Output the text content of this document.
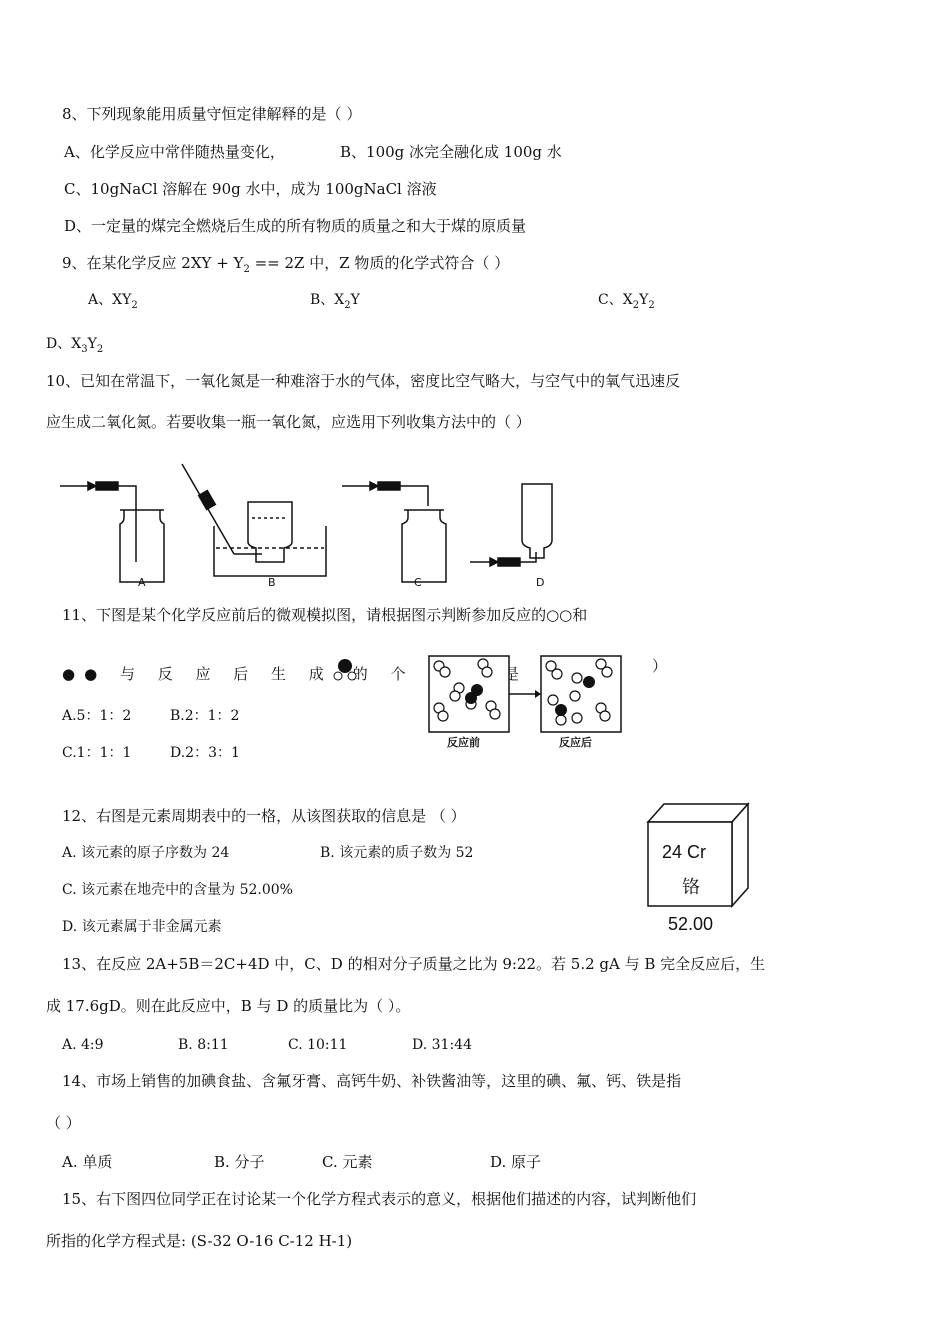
8、下列现象能用质量守恒定律解释的是（ ）
A、化学反应中常伴随热量变化，	B、100g 冰完全融化成 100g 水
C、10gNaCl 溶解在 90g 水中，成为 100gNaCl 溶液
D、一定量的煤完全燃烧后生成的所有物质的质量之和大于煤的原质量
9、在某化学反应 $2XY + Y_2 == 2Z$ 中，Z 物质的化学式符合（ ）
A、$XY_2$	B、$X_2Y$	C、$X_2Y_2$
D、$X_3Y_2$
10、已知在常温下，一氧化氮是一种难溶于水的气体，密度比空气略大，与空气中的氧气迅速反
应生成二氧化氮。若要收集一瓶一氧化氮，应选用下列收集方法中的（ ）
A	B	C	D
11、下图是某个化学反应前后的微观模拟图，请根据图示判断参加反应的○○和
●● 与 反 应 后 生 成 的 个 是	）
A.5：1：2	B.2：1：2
C.1：1：1	D.2：3：1
反应前	反应后
12、右图是元素周期表中的一格，从该图获取的信息是 （ ）
A. 该元素的原子序数为 24	B. 该元素的质子数为 52
C. 该元素在地壳中的含量为 52.00%
D. 该元素属于非金属元素
24 Cr
铬
52.00
13、在反应 2A+5B＝2C+4D 中，C、D 的相对分子质量之比为 9:22。若 5.2 gA 与 B 完全反应后，生
成 17.6gD。则在此反应中，B 与 D 的质量比为（ ）。
A. 4:9	B. 8:11	C. 10:11	D. 31:44
14、市场上销售的加碘食盐、含氟牙膏、高钙牛奶、补铁酱油等，这里的碘、氟、钙、铁是指
（ ）
A. 单质	B. 分子	C. 元素	D. 原子
15、右下图四位同学正在讨论某一个化学方程式表示的意义，根据他们描述的内容，试判断他们
所指的化学方程式是: (S-32 O-16 C-12 H-1)
